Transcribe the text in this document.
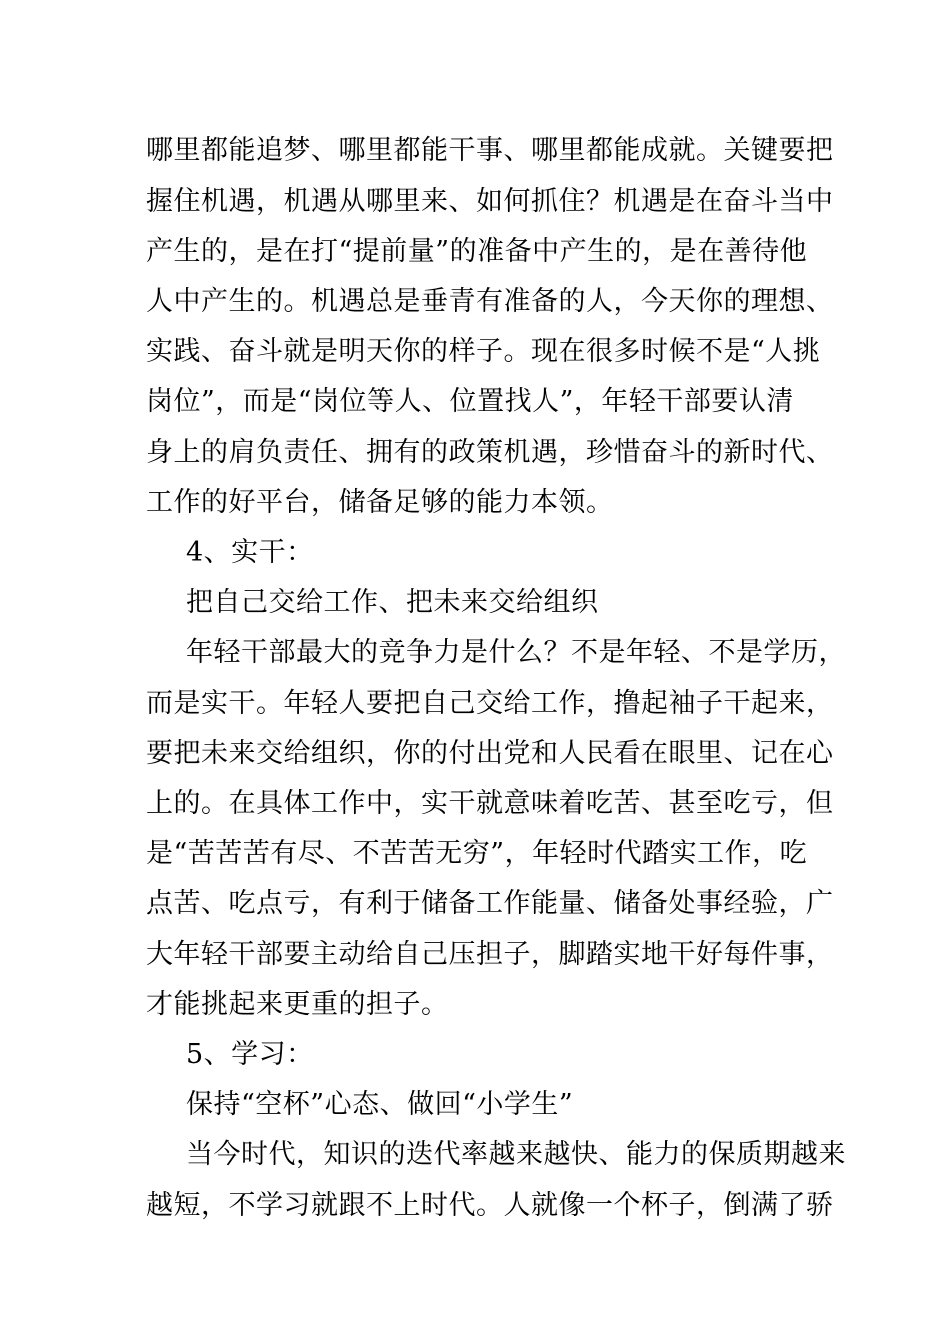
哪里都能追梦、哪里都能干事、哪里都能成就。关键要把
握住机遇，机遇从哪里来、如何抓住？机遇是在奋斗当中
产生的，是在打“提前量”的准备中产生的，是在善待他
人中产生的。机遇总是垂青有准备的人，今天你的理想、
实践、奋斗就是明天你的样子。现在很多时候不是“人挑
岗位”，而是“岗位等人、位置找人”，年轻干部要认清
身上的肩负责任、拥有的政策机遇，珍惜奋斗的新时代、
工作的好平台，储备足够的能力本领。
4、实干：
把自己交给工作、把未来交给组织
年轻干部最大的竞争力是什么？不是年轻、不是学历，
而是实干。年轻人要把自己交给工作，撸起袖子干起来，
要把未来交给组织，你的付出党和人民看在眼里、记在心
上的。在具体工作中，实干就意味着吃苦、甚至吃亏，但
是“苦苦苦有尽、不苦苦无穷”，年轻时代踏实工作，吃
点苦、吃点亏，有利于储备工作能量、储备处事经验，广
大年轻干部要主动给自己压担子，脚踏实地干好每件事，
才能挑起来更重的担子。
5、学习：
保持“空杯”心态、做回“小学生”
当今时代，知识的迭代率越来越快、能力的保质期越来
越短，不学习就跟不上时代。人就像一个杯子，倒满了骄
